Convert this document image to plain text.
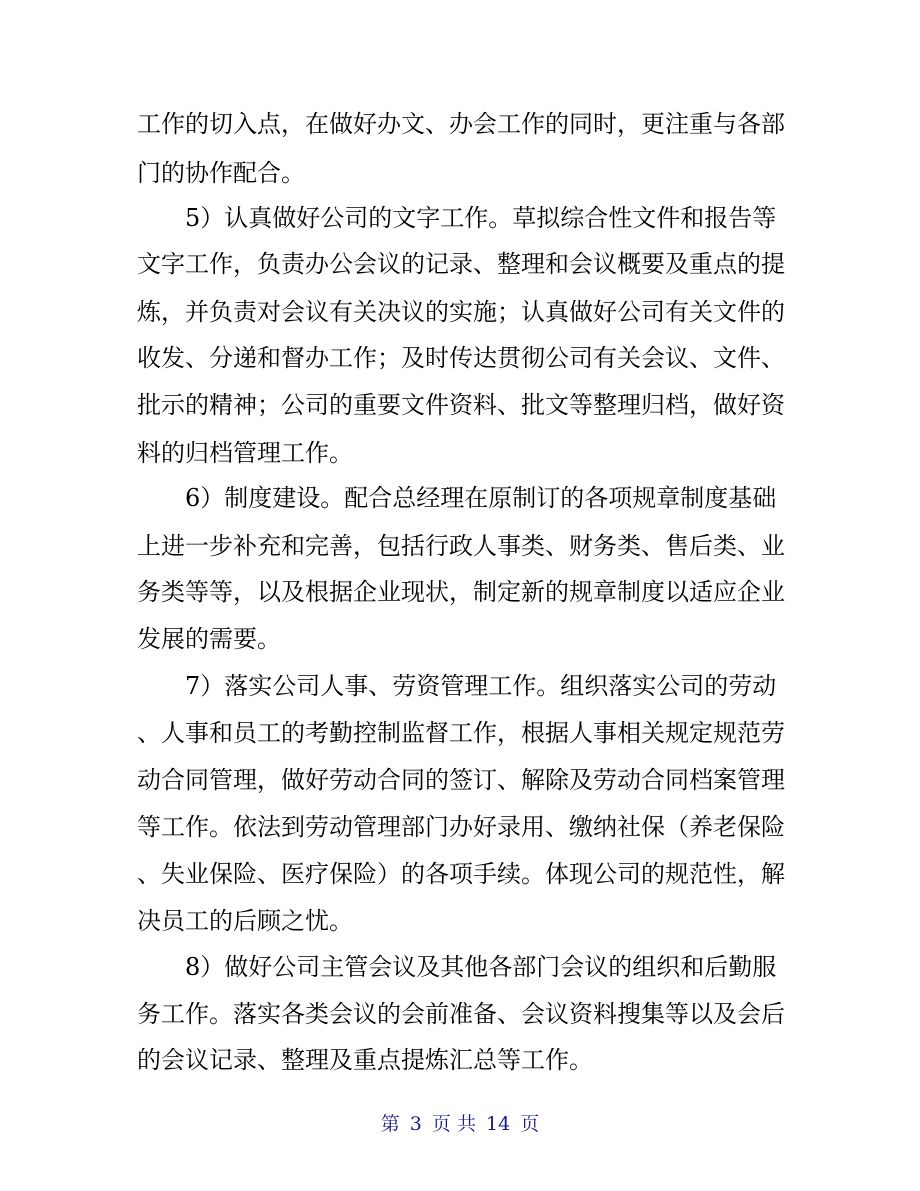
工作的切入点，在做好办文、办会工作的同时，更注重与各部
门的协作配合。
　　5）认真做好公司的文字工作。草拟综合性文件和报告等
文字工作，负责办公会议的记录、整理和会议概要及重点的提
炼，并负责对会议有关决议的实施；认真做好公司有关文件的
收发、分递和督办工作；及时传达贯彻公司有关会议、文件、
批示的精神；公司的重要文件资料、批文等整理归档，做好资
料的归档管理工作。
　　6）制度建设。配合总经理在原制订的各项规章制度基础
上进一步补充和完善，包括行政人事类、财务类、售后类、业
务类等等，以及根据企业现状，制定新的规章制度以适应企业
发展的需要。
　　7）落实公司人事、劳资管理工作。组织落实公司的劳动
、人事和员工的考勤控制监督工作，根据人事相关规定规范劳
动合同管理，做好劳动合同的签订、解除及劳动合同档案管理
等工作。依法到劳动管理部门办好录用、缴纳社保（养老保险
、失业保险、医疗保险）的各项手续。体现公司的规范性，解
决员工的后顾之忧。
　　8）做好公司主管会议及其他各部门会议的组织和后勤服
务工作。落实各类会议的会前准备、会议资料搜集等以及会后
的会议记录、整理及重点提炼汇总等工作。
第 3 页 共 14 页
